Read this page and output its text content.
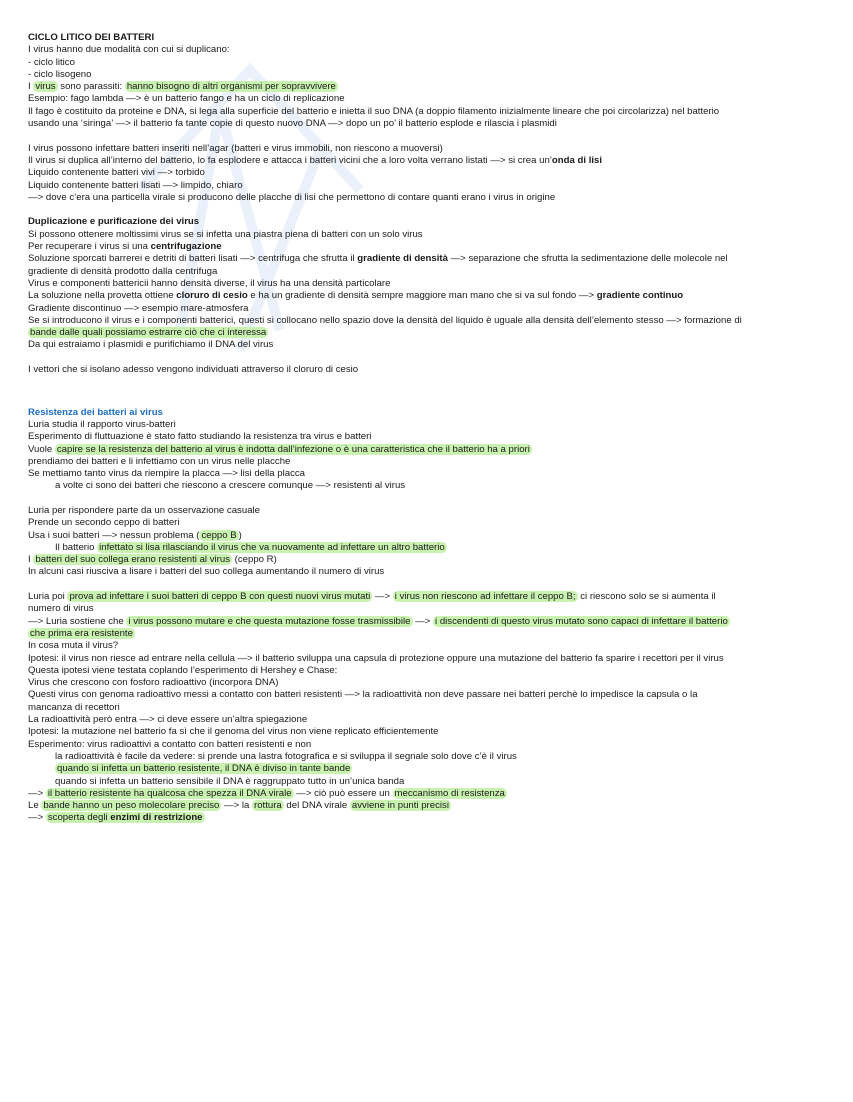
CICLO LITICO DEI BATTERI
I virus hanno due modalità con cui si duplicano:
- ciclo litico
- ciclo lisogeno
I virus sono parassiti: hanno bisogno di altri organismi per sopravvivere
Esempio: fago lambda —> è un batterio fango e ha un ciclo di replicazione
Il fago è costituito da proteine e DNA, si lega alla superficie del batterio e inietta il suo DNA (a doppio filamento inizialmente lineare che poi circolarizza) nel batterio
usando una ‘siringa’ —> il batterio fa tante copie di questo nuovo DNA —> dopo un po’ il batterio esplode e rilascia i plasmidi
I virus possono infettare batteri inseriti nell’agar (batteri e virus immobili, non riescono a muoversi)
Il virus si duplica all’interno del batterio, lo fa esplodere e attacca i batteri vicini che a loro volta verrano listati —> si crea un’onda di lisi
Liquido contenente batteri vivi —> torbido
Liquido contenente batteri lisati —> limpido, chiaro
—> dove c’era una particella virale si producono delle placche di lisi che permettono di contare quanti erano i virus in origine
Duplicazione e purificazione dei virus
Si possono ottenere moltissimi virus se si infetta una piastra piena di batteri con un solo virus
Per recuperare i virus si una centrifugazione
Soluzione sporcati barrerei e detriti di batteri lisati —> centrifuga che sfrutta il gradiente di densità —> separazione che sfrutta la sedimentazione delle molecole nel
gradiente di densità prodotto dalla centrifuga
Virus e componenti battericii hanno densità diverse, il virus ha una densità particolare
La soluzione nella provetta ottiene cloruro di cesio e ha un gradiente di densità sempre maggiore man mano che si va sul fondo —> gradiente continuo
Gradiente discontinuo —> esempio mare-atmosfera
Se si introducono il virus e i componenti batterici, questi si collocano nello spazio dove la densità del liquido è uguale alla densità dell’elemento stesso —> formazione di
bande dalle quali possiamo estrarre ciò che ci interessa
Da qui estraiamo i plasmidi e purifichiamo il DNA del virus
I vettori che si isolano adesso vengono individuati attraverso il cloruro di cesio
Resistenza dei batteri ai virus
Luria studia il rapporto virus-batteri
Esperimento di fluttuazione è stato fatto studiando la resistenza tra virus e batteri
Vuole capire se la resistenza del batterio al virus è indotta dall’infezione o è una caratteristica che il batterio ha a priori
prendiamo dei batteri e li infettiamo con un virus nelle placche
Se mettiamo tanto virus da riempire la placca —> lisi della placca
a volte ci sono dei batteri che riescono a crescere comunque —> resistenti al virus
Luria per rispondere parte da un osservazione casuale
Prende un secondo ceppo di batteri
Usa i suoi batteri —> nessun problema ( ceppo B )
Il batterio infettato si lisa rilasciando il virus che va nuovamente ad infettare un altro batterio
I batteri del suo collega erano resistenti al virus (ceppo R)
In alcuni casi riusciva a lisare i batteri del suo collega aumentando il numero di virus
Luria poi prova ad infettare i suoi batteri di ceppo B con questi nuovi virus mutati —> i virus non riescono ad infettare il ceppo B; ci riescono solo se si aumenta il
numero di virus
—> Luria sostiene che i virus possono mutare e che questa mutazione fosse trasmissibile —> i discendenti di questo virus mutato sono capaci di infettare il batterio
che prima era resistente
In cosa muta il virus?
Ipotesi: il virus non riesce ad entrare nella cellula —> il batterio sviluppa una capsula di protezione oppure una mutazione del batterio fa sparire i recettori per il virus
Questa ipotesi viene testata coplando l’esperimento di Hershey e Chase:
Virus che crescono con fosforo radioattivo (incorpora DNA)
Questi virus con genoma radioattivo messi a contatto con batteri resistenti —> la radioattività non deve passare nei batteri perchè lo impedisce la capsula o la
mancanza di recettori
La radioattività però entra —> ci deve essere un’altra spiegazione
Ipotesi: la mutazione nel batterio fa sì che il genoma del virus non viene replicato efficientemente
Esperimento: virus radioattivi a contatto con batteri resistenti e non
la radioattività è facile da vedere: si prende una lastra fotografica e si sviluppa il segnale solo dove c’è il virus
quando si infetta un batterio resistente, il DNA è diviso in tante bande
quando si infetta un batterio sensibile il DNA è raggruppato tutto in un’unica banda
—> il batterio resistente ha qualcosa che spezza il DNA virale —> ciò può essere un meccanismo di resistenza
Le bande hanno un peso molecolare preciso —> la rottura del DNA virale avviene in punti precisi
—> scoperta degli enzimi di restrizione
